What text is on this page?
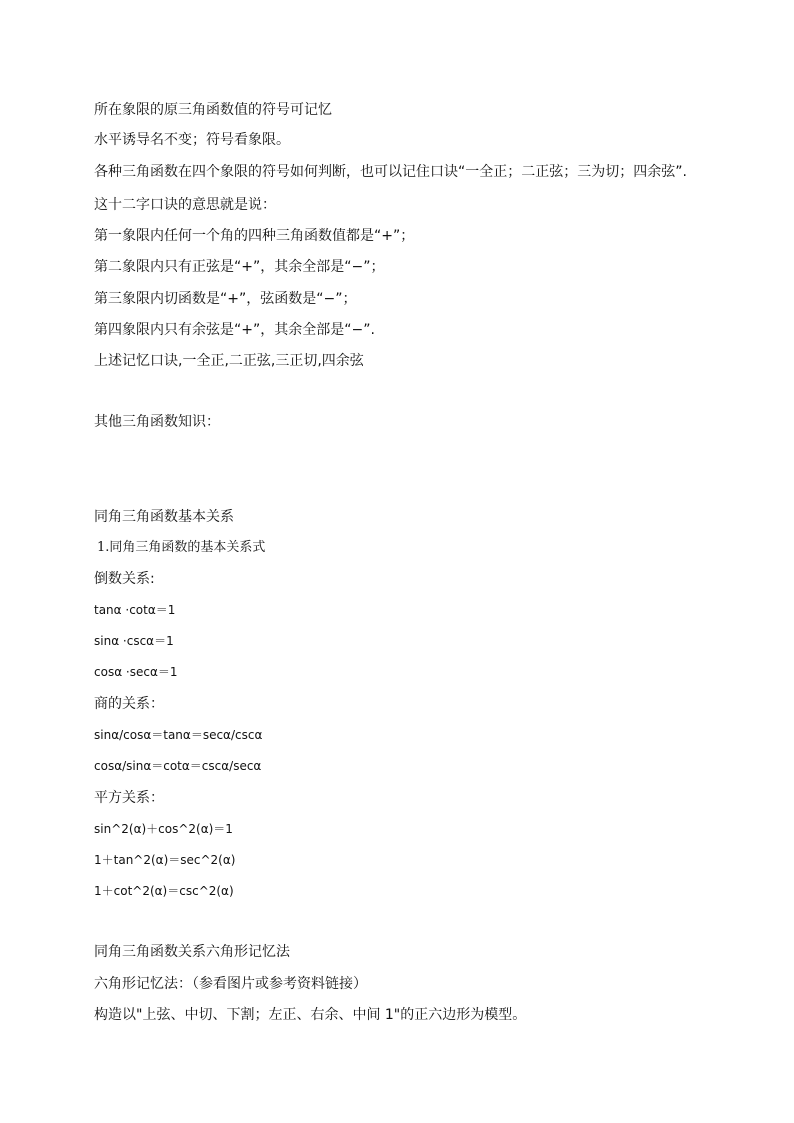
所在象限的原三角函数值的符号可记忆
水平诱导名不变；符号看象限。
各种三角函数在四个象限的符号如何判断，也可以记住口诀“一全正；二正弦；三为切；四余弦”.
这十二字口诀的意思就是说：
第一象限内任何一个角的四种三角函数值都是“+”；
第二象限内只有正弦是“+”，其余全部是“−”；
第三象限内切函数是“+”，弦函数是“−”；
第四象限内只有余弦是“+”，其余全部是“−”.
上述记忆口诀,一全正,二正弦,三正切,四余弦
其他三角函数知识：
同角三角函数基本关系
1.同角三角函数的基本关系式
倒数关系:
tanα ·cotα＝1
sinα ·cscα＝1
cosα ·secα＝1
商的关系：
sinα/cosα＝tanα＝secα/cscα
cosα/sinα＝cotα＝cscα/secα
平方关系：
sin^2(α)＋cos^2(α)＝1
1＋tan^2(α)＝sec^2(α)
1＋cot^2(α)＝csc^2(α)
同角三角函数关系六角形记忆法
六角形记忆法：（参看图片或参考资料链接）
构造以"上弦、中切、下割；左正、右余、中间 1"的正六边形为模型。
